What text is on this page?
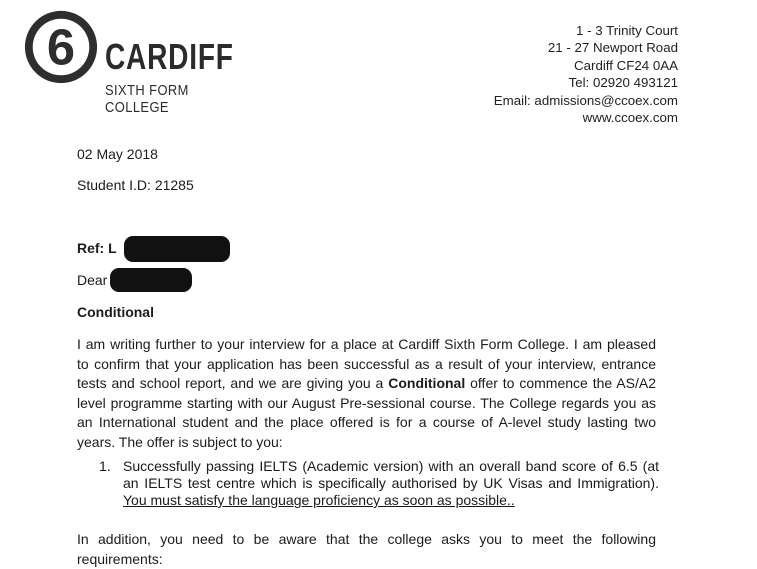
6 CARDIFF
SIXTH FORM COLLEGE
1 - 3 Trinity Court
21 - 27 Newport Road
Cardiff CF24 0AA
Tel: 02920 493121
Email: admissions@ccoex.com
www.ccoex.com
02 May 2018
Student I.D: 21285
Ref: L
Dear
Conditional
I am writing further to your interview for a place at Cardiff Sixth Form College. I am pleased
to confirm that your application has been successful as a result of your interview, entrance
tests and school report, and we are giving you a Conditional offer to commence the AS/A2
level programme starting with our August Pre-sessional course. The College regards you as
an International student and the place offered is for a course of A-level study lasting two
years. The offer is subject to you:
1. Successfully passing IELTS (Academic version) with an overall band score of 6.5 (at
an IELTS test centre which is specifically authorised by UK Visas and Immigration).
You must satisfy the language proficiency as soon as possible..
In addition, you need to be aware that the college asks you to meet the following
requirements:
